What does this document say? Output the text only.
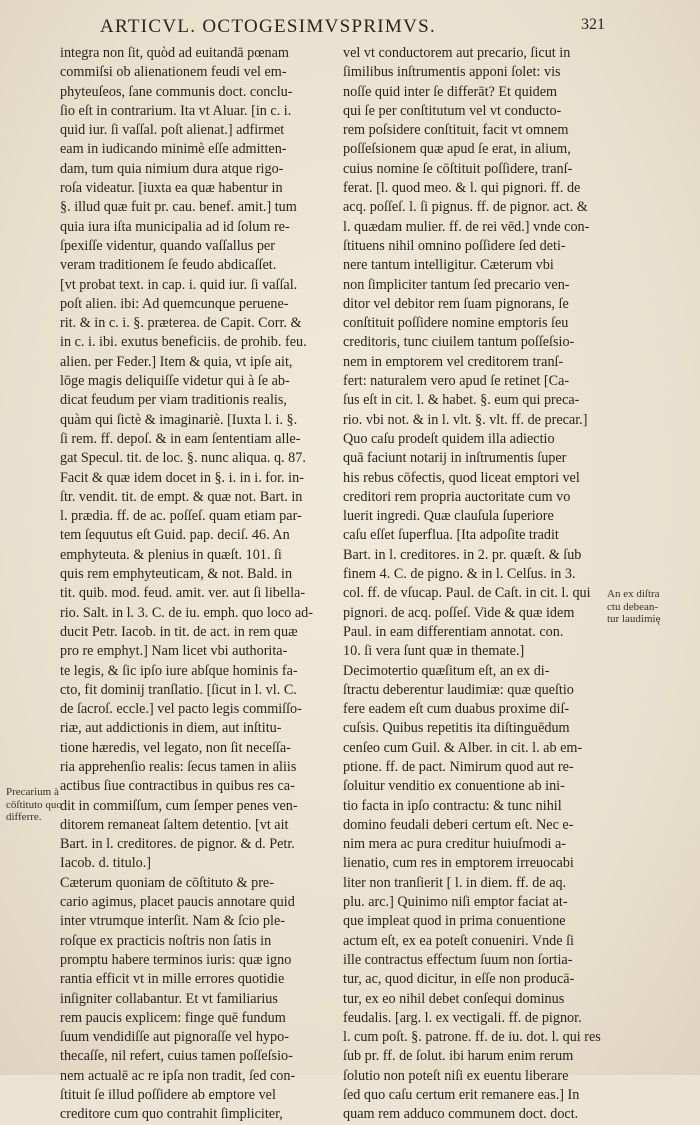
ARTICVL. OCTOGESIMVSPRIMVS.	321
integra non ſit, quòd ad euitandā pœnam
commiſsi ob alienationem feudi vel em-
phyteuſeos, ſane communis doct. conclu-
ſio eſt in contrarium. Ita vt Aluar. [in c. i.
quid iur. ſi vaſſal. poſt alienat.] adfirmet
eam in iudicando minimè eſſe admitten-
dam, tum quia nimium dura atque rigo-
roſa videatur. [iuxta ea quæ habentur in
§. illud quæ fuit pr. cau. benef. amit.] tum
quia iura iſta municipalia ad id ſolum re-
ſpexiſſe videntur, quando vaſſallus per
veram traditionem ſe feudo abdicaſſet.
[vt probat text. in cap. i. quid iur. ſi vaſſal.
poſt alien. ibi: Ad quemcunque peruene-
rit. & in c. i. §. præterea. de Capit. Corr. &
in c. i. ibi. exutus beneficiis. de prohib. feu.
alien. per Feder.] Item & quia, vt ipſe ait,
lōge magis deliquiſſe videtur qui à ſe ab-
dicat feudum per viam traditionis realis,
quàm qui ſictè & imaginariè. [Iuxta l. i. §.
ſi rem. ff. depoſ. & in eam ſententiam alle-
gat Specul. tit. de loc. §. nunc aliqua. q. 87.
Facit & quæ idem docet in §. i. in i. for. in-
ſtr. vendit. tit. de empt. & quæ not. Bart. in
l. prædia. ff. de ac. poſſeſ. quam etiam par-
tem ſequutus eſt Guid. pap. deciſ. 46. An
emphyteuta. & plenius in quæſt. 101. ſi
quis rem emphyteuticam, & not. Bald. in
tit. quib. mod. feud. amit. ver. aut ſi libella-
rio. Salt. in l. 3. C. de iu. emph. quo loco ad-
ducit Petr. Iacob. in tit. de act. in rem quæ
pro re emphyt.] Nam licet vbi authorita-
te legis, & ſic ipſo iure abſque hominis fa-
cto, fit dominij tranſlatio. [ſicut in l. vl. C.
de ſacroſ. eccle.] vel pacto legis commiſſo-
riæ, aut addictionis in diem, aut inſtitu-
tione hæredis, vel legato, non ſit neceſſa-
ria apprehenſio realis: ſecus tamen in aliis
actibus ſiue contractibus in quibus res ca-
dit in commiſſum, cum ſemper penes ven-
ditorem remaneat ſaltem detentio. [vt ait
Bart. in l. creditores. de pignor. & d. Petr.
Iacob. d. titulo.]
Cæterum quoniam de cōſtituto & pre-
cario agimus, placet paucis annotare quid
inter vtrumque interſit. Nam & ſcio ple-
roſque ex practicis noſtris non ſatis in
promptu habere terminos iuris: quæ igno
rantia efficit vt in mille errores quotidie
inſigniter collabantur. Et vt familiarius
rem paucis explicem: finge quē fundum
ſuum vendidiſſe aut pignoraſſe vel hypo-
thecaſſe, nil refert, cuius tamen poſſeſsio-
nem actualē ac re ipſa non tradit, ſed con-
ſtituit ſe illud poſſidere ab emptore vel
creditore cum quo contrahit ſimpliciter,
vel vt conductorem aut precario, ſicut in
ſimilibus inſtrumentis apponi ſolet: vis
noſſe quid inter ſe differāt? Et quidem
qui ſe per conſtitutum vel vt conducto-
rem poſsidere conſtituit, facit vt omnem
poſſeſsionem quæ apud ſe erat, in alium,
cuius nomine ſe cōſtituit poſſidere, tranſ-
ferat. [l. quod meo. & l. qui pignori. ff. de
acq. poſſeſ. l. ſi pignus. ff. de pignor. act. &
l. quædam mulier. ff. de rei vēd.] vnde con-
ſtituens nihil omnino poſſidere ſed deti-
nere tantum intelligitur. Cæterum vbi
non ſimpliciter tantum ſed precario ven-
ditor vel debitor rem ſuam pignorans, ſe
conſtituit poſſidere nomine emptoris ſeu
creditoris, tunc ciuilem tantum poſſeſsio-
nem in emptorem vel creditorem tranſ-
fert: naturalem vero apud ſe retinet [Ca-
ſus eſt in cit. l. & habet. §. eum qui preca-
rio. vbi not. & in l. vlt. §. vlt. ff. de precar.]
Quo caſu prodeſt quidem illa adiectio
quā faciunt notarij in inſtrumentis ſuper
his rebus cōfectis, quod liceat emptori vel
creditori rem propria auctoritate cum vo
luerit ingredi. Quæ clauſula ſuperiore
caſu eſſet ſuperflua. [Ita adpoſite tradit
Bart. in l. creditores. in 2. pr. quæſt. & ſub
finem 4. C. de pigno. & in l. Celſus. in 3.
col. ff. de vſucap. Paul. de Caſt. in cit. l. qui
pignori. de acq. poſſeſ. Vide & quæ idem
Paul. in eam differentiam annotat. con.
10. ſi vera ſunt quæ in themate.]
Decimotertio quæſitum eſt, an ex di-
ſtractu deberentur laudimiæ: quæ queſtio
fere eadem eſt cum duabus proxime diſ-
cuſsis. Quibus repetitis ita diſtinguēdum
cenſeo cum Guil. & Alber. in cit. l. ab em-
ptione. ff. de pact. Nimirum quod aut re-
ſoluitur venditio ex conuentione ab ini-
tio facta in ipſo contractu: & tunc nihil
domino feudali deberi certum eſt. Nec e-
nim mera ac pura creditur huiuſmodi a-
lienatio, cum res in emptorem irreuocabi
liter non tranſierit [ l. in diem. ff. de aq.
plu. arc.] Quinimo niſi emptor faciat at-
que impleat quod in prima conuentione
actum eſt, ex ea poteſt conueniri. Vnde ſi
ille contractus effectum ſuum non ſortia-
tur, ac, quod dicitur, in eſſe non producā-
tur, ex eo nihil debet conſequi dominus
feudalis. [arg. l. ex vectigali. ff. de pignor.
l. cum poſt. §. patrone. ff. de iu. dot. l. qui res
ſub pr. ff. de ſolut. ibi harum enim rerum
ſolutio non poteſt niſi ex euentu liberare
ſed quo caſu certum erit remanere eas.] In
quam rem adduco communem doct. doct.
Precarium à
cōſtituto quo
differre.
An ex diſtra
ctu debean-
tur laudimię
